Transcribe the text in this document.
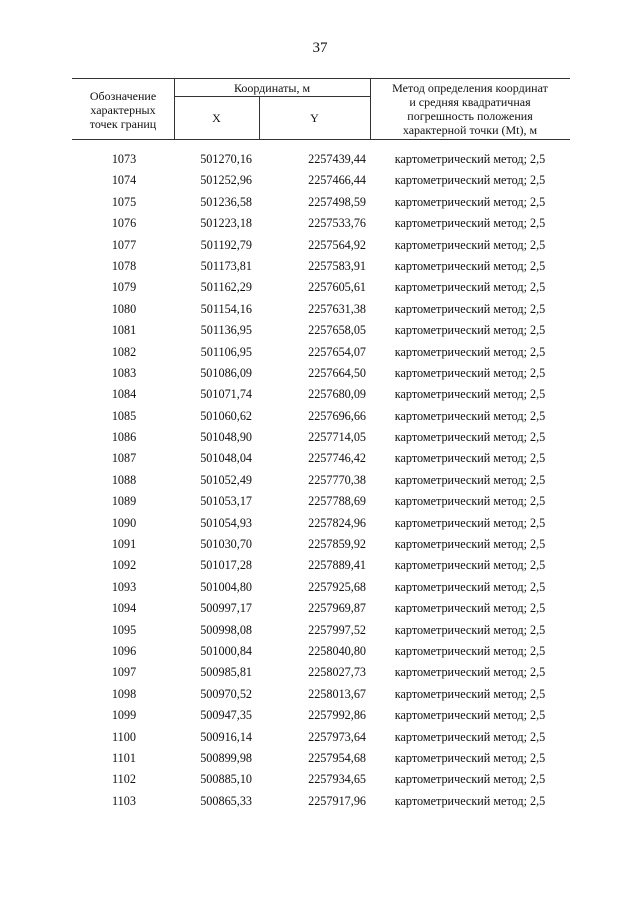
37
Обозначение
характерных
точек границ
Координаты, м
X	Y
Метод определения координат
и средняя квадратичная
погрешность положения
характерной точки (Mt), м
1073	501270,16	2257439,44	картометрический метод; 2,5
1074	501252,96	2257466,44	картометрический метод; 2,5
1075	501236,58	2257498,59	картометрический метод; 2,5
1076	501223,18	2257533,76	картометрический метод; 2,5
1077	501192,79	2257564,92	картометрический метод; 2,5
1078	501173,81	2257583,91	картометрический метод; 2,5
1079	501162,29	2257605,61	картометрический метод; 2,5
1080	501154,16	2257631,38	картометрический метод; 2,5
1081	501136,95	2257658,05	картометрический метод; 2,5
1082	501106,95	2257654,07	картометрический метод; 2,5
1083	501086,09	2257664,50	картометрический метод; 2,5
1084	501071,74	2257680,09	картометрический метод; 2,5
1085	501060,62	2257696,66	картометрический метод; 2,5
1086	501048,90	2257714,05	картометрический метод; 2,5
1087	501048,04	2257746,42	картометрический метод; 2,5
1088	501052,49	2257770,38	картометрический метод; 2,5
1089	501053,17	2257788,69	картометрический метод; 2,5
1090	501054,93	2257824,96	картометрический метод; 2,5
1091	501030,70	2257859,92	картометрический метод; 2,5
1092	501017,28	2257889,41	картометрический метод; 2,5
1093	501004,80	2257925,68	картометрический метод; 2,5
1094	500997,17	2257969,87	картометрический метод; 2,5
1095	500998,08	2257997,52	картометрический метод; 2,5
1096	501000,84	2258040,80	картометрический метод; 2,5
1097	500985,81	2258027,73	картометрический метод; 2,5
1098	500970,52	2258013,67	картометрический метод; 2,5
1099	500947,35	2257992,86	картометрический метод; 2,5
1100	500916,14	2257973,64	картометрический метод; 2,5
1101	500899,98	2257954,68	картометрический метод; 2,5
1102	500885,10	2257934,65	картометрический метод; 2,5
1103	500865,33	2257917,96	картометрический метод; 2,5
